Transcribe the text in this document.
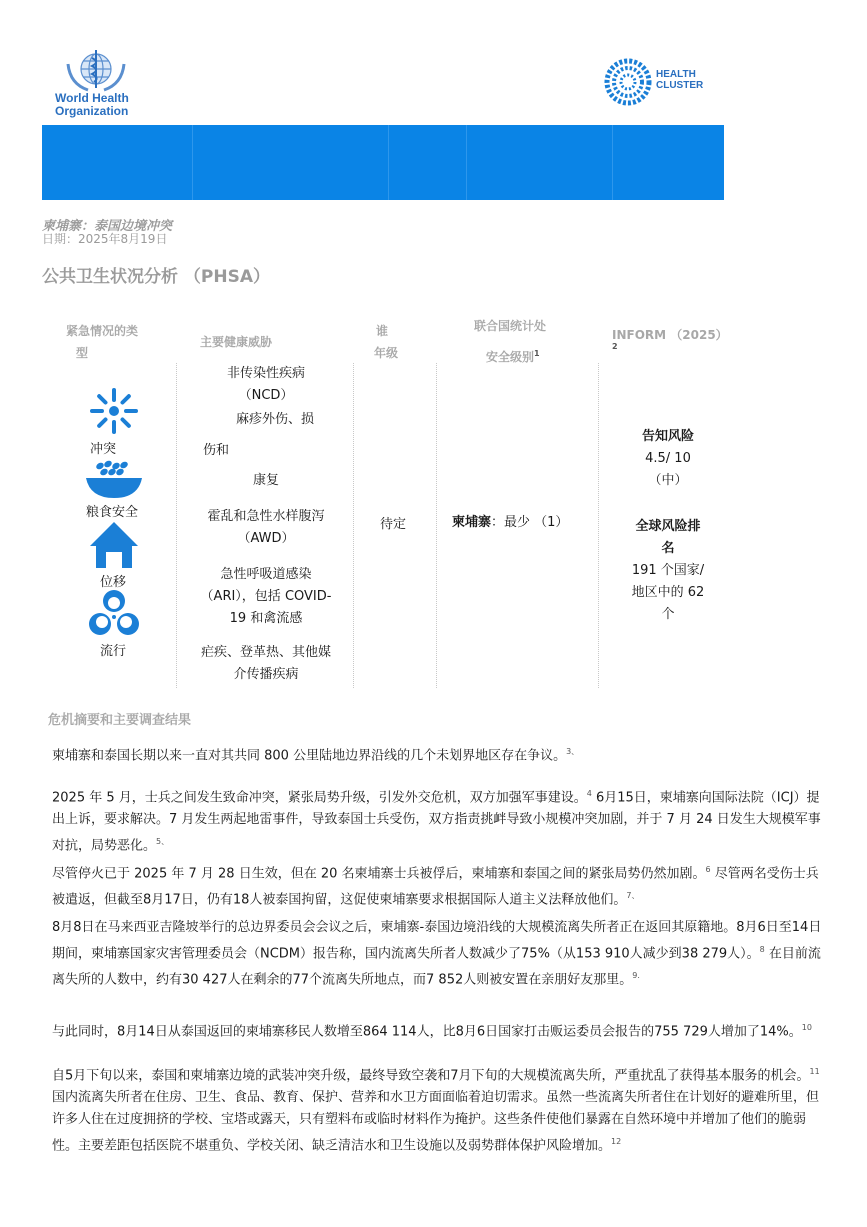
World Health
Organization
HEALTH
CLUSTER
柬埔寨：泰国边境冲突
日期：2025年8月19日
公共卫生状况分析 （PHSA）
紧急情况的类
型
主要健康威胁
谁
年级
联合国统计处
安全级别$^1$
INFORM （2025）
2
冲突
粮食安全
位移
流行
非传染性疾病
（NCD）
麻疹外伤、损
伤和
康复
霍乱和急性水样腹泻
（AWD）
急性呼吸道感染
（ARI），包括 COVID-
19 和禽流感
疟疾、登革热、其他媒
介传播疾病
待定	柬埔寨：最少 （1）
告知风险
4.5/ 10
（中）
全球风险排
名
191 个国家/
地区中的 62
个
危机摘要和主要调查结果
柬埔寨和泰国长期以来一直对其共同 800 公里陆地边界沿线的几个未划界地区存在争议。$^{3、}$
2025 年 5 月，士兵之间发生致命冲突，紧张局势升级，引发外交危机，双方加强军事建设。$^4$ 6月15日，柬埔寨向国际法院（ICJ）提出上诉，要求解决。7 月发生两起地雷事件，导致泰国士兵受伤，双方指责挑衅导致小规模冲突加剧，并于 7 月 24 日发生大规模军事对抗，局势恶化。$^{5、}$
尽管停火已于 2025 年 7 月 28 日生效，但在 20 名柬埔寨士兵被俘后，柬埔寨和泰国之间的紧张局势仍然加剧。$^6$ 尽管两名受伤士兵被遣返，但截至8月17日，仍有18人被泰国拘留，这促使柬埔寨要求根据国际人道主义法释放他们。$^{7、}$
8月8日在马来西亚吉隆坡举行的总边界委员会会议之后，柬埔寨-泰国边境沿线的大规模流离失所者正在返回其原籍地。8月6日至14日期间，柬埔寨国家灾害管理委员会（NCDM）报告称，国内流离失所者人数减少了75%（从153 910人减少到38 279人）。$^8$ 在目前流离失所的人数中，约有30 427人在剩余的77个流离失所地点，而7 852人则被安置在亲朋好友那里。$^{9.}$
与此同时，8月14日从泰国返回的柬埔寨移民人数增至864 114人，比8月6日国家打击贩运委员会报告的755 729人增加了14%。$^{10}$
自5月下旬以来，泰国和柬埔寨边境的武装冲突升级，最终导致空袭和7月下旬的大规模流离失所，严重扰乱了获得基本服务的机会。$^{11}$ 国内流离失所者在住房、卫生、食品、教育、保护、营养和水卫方面面临着迫切需求。虽然一些流离失所者住在计划好的避难所里，但许多人住在过度拥挤的学校、宝塔或露天，只有塑料布或临时材料作为掩护。这些条件使他们暴露在自然环境中并增加了他们的脆弱性。主要差距包括医院不堪重负、学校关闭、缺乏清洁水和卫生设施以及弱势群体保护风险增加。$^{12}$
